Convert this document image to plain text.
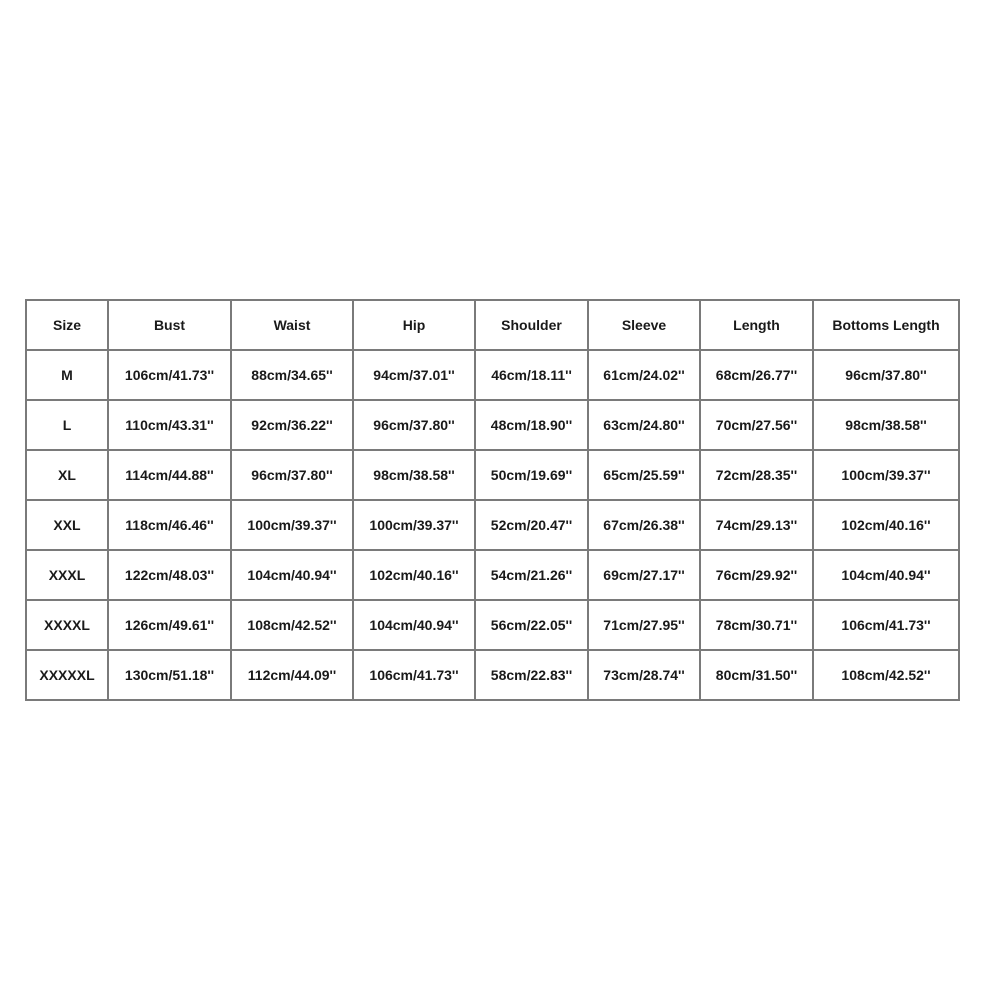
Size	Bust	Waist	Hip	Shoulder	Sleeve	Length	Bottoms Length
M	106cm/41.73''	88cm/34.65''	94cm/37.01''	46cm/18.11''	61cm/24.02''	68cm/26.77''	96cm/37.80''
L	110cm/43.31''	92cm/36.22''	96cm/37.80''	48cm/18.90''	63cm/24.80''	70cm/27.56''	98cm/38.58''
XL	114cm/44.88''	96cm/37.80''	98cm/38.58''	50cm/19.69''	65cm/25.59''	72cm/28.35''	100cm/39.37''
XXL	118cm/46.46''	100cm/39.37''	100cm/39.37''	52cm/20.47''	67cm/26.38''	74cm/29.13''	102cm/40.16''
XXXL	122cm/48.03''	104cm/40.94''	102cm/40.16''	54cm/21.26''	69cm/27.17''	76cm/29.92''	104cm/40.94''
XXXXL	126cm/49.61''	108cm/42.52''	104cm/40.94''	56cm/22.05''	71cm/27.95''	78cm/30.71''	106cm/41.73''
XXXXXL	130cm/51.18''	112cm/44.09''	106cm/41.73''	58cm/22.83''	73cm/28.74''	80cm/31.50''	108cm/42.52''
